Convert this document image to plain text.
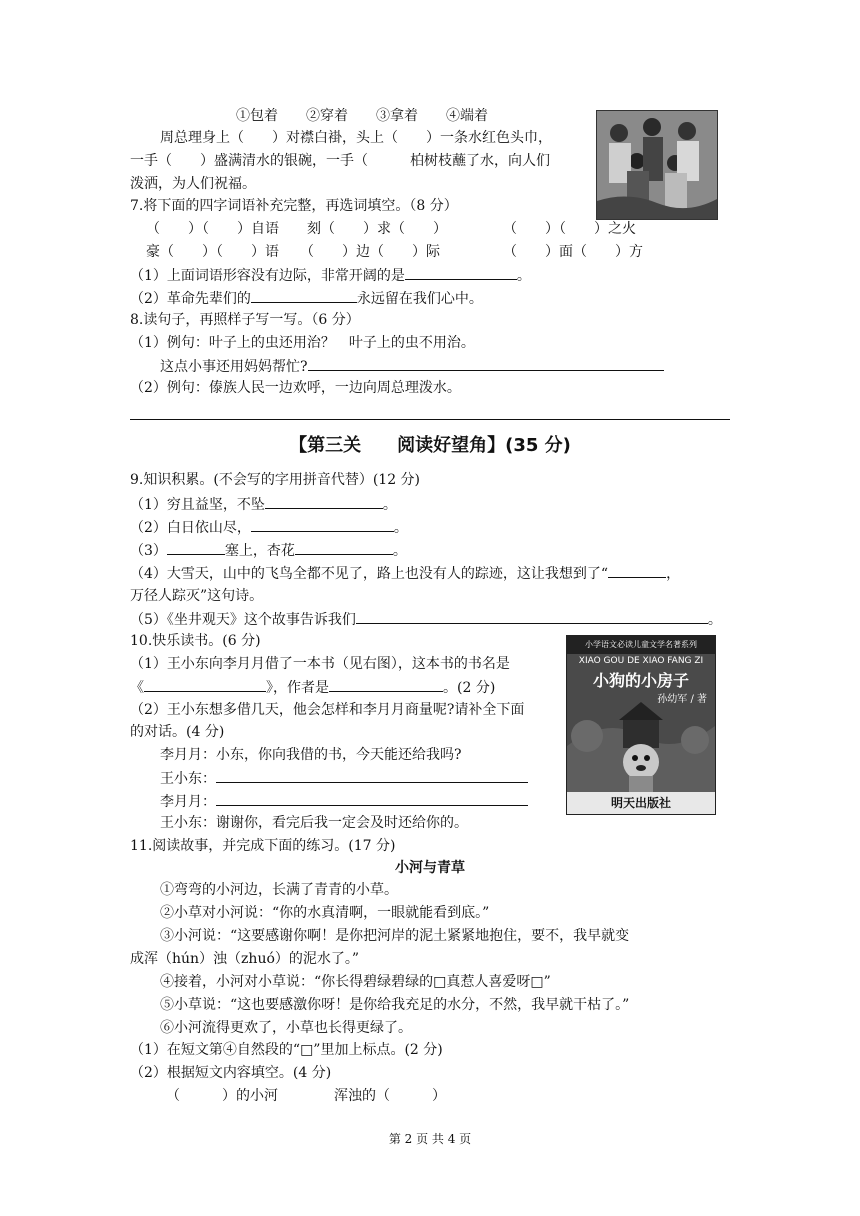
①包着　　②穿着　　③拿着　　④端着
周总理身上（　　）对襟白褂，头上（　　）一条水红色头巾，
一手（　　）盛满清水的银碗，一手（　　　柏树枝蘸了水，向人们
泼洒，为人们祝福。
7.将下面的四字词语补充完整，再选词填空。（8 分）
（　　）（　　）自语　　刻（　　）求（　　）　　　　　（　　）（　　）之火
豪（　　）（　　）语　　（　　）边（　　）际　　　　　（　　）面（　　）方
（1）上面词语形容没有边际，非常开阔的是	。
（2）革命先辈们的	永远留在我们心中。
8.读句子，再照样子写一写。（6 分）
（1）例句：叶子上的虫还用治？　叶子上的虫不用治。
这点小事还用妈妈帮忙?
（2）例句：傣族人民一边欢呼，一边向周总理泼水。
【第三关　　阅读好望角】(35 分)
9.知识积累。(不会写的字用拼音代替）(12 分)
（1）穷且益坚，不坠	。
（2）白日依山尽，	。
（3）	塞上，杏花	。
（4）大雪天，山中的飞鸟全都不见了，路上也没有人的踪迹，这让我想到了“	，
万径人踪灭”这句诗。
（5）《坐井观天》这个故事告诉我们	。
10.快乐读书。(6 分)
（1）王小东向李月月借了一本书（见右图），这本书的书名是
《	》，作者是	。(2 分)
（2）王小东想多借几天，他会怎样和李月月商量呢?请补全下面
的对话。(4 分)
李月月：小东，你向我借的书，今天能还给我吗?
王小东：
李月月：
王小东：谢谢你，看完后我一定会及时还给你的。
小学语文必读儿童文学名著系列
XIAO GOU DE XIAO FANG ZI
小狗的小房子
孙幼军 / 著
明天出版社
11.阅读故事，并完成下面的练习。(17 分)
小河与青草
①弯弯的小河边，长满了青青的小草。
②小草对小河说：“你的水真清啊，一眼就能看到底。”
③小河说：“这要感谢你啊！是你把河岸的泥土紧紧地抱住，要不，我早就变
成浑（hún）浊（zhuó）的泥水了。”
④接着，小河对小草说：“你长得碧绿碧绿的□真惹人喜爱呀□”
⑤小草说：“这也要感激你呀！是你给我充足的水分，不然，我早就干枯了。”
⑥小河流得更欢了，小草也长得更绿了。
（1）在短文第④自然段的“□”里加上标点。(2 分)
（2）根据短文内容填空。(4 分)
（　　　）的小河　　　　浑浊的（　　　）
第 2 页 共 4 页
